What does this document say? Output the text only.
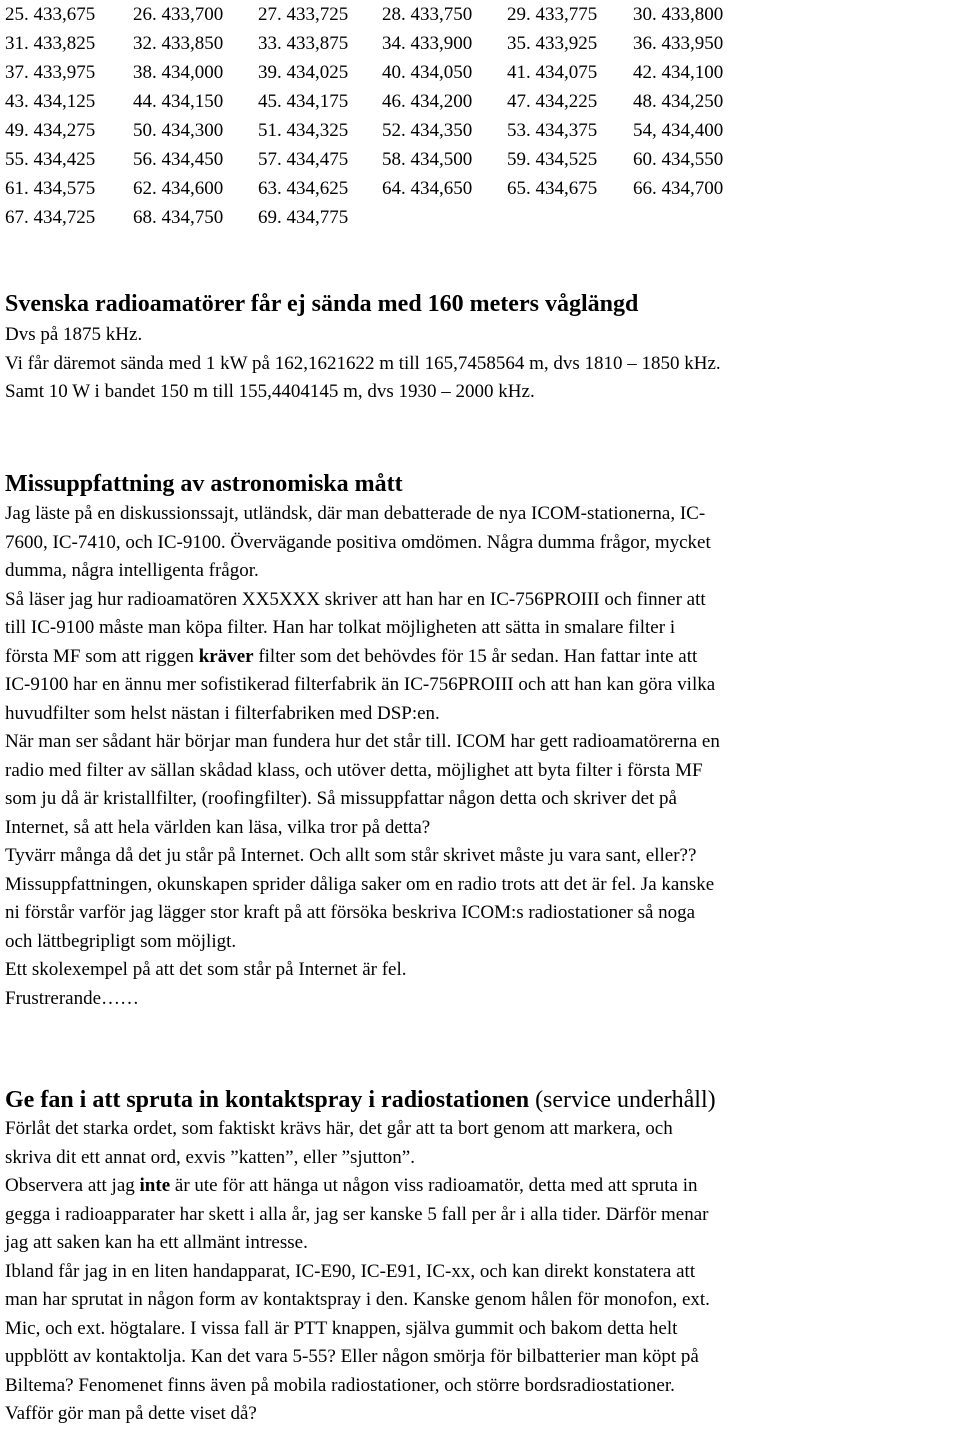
25. 433,675	26. 433,700	27. 433,725	28. 433,750	29. 433,775	30. 433,800
31. 433,825	32. 433,850	33. 433,875	34. 433,900	35. 433,925	36. 433,950
37. 433,975	38. 434,000	39. 434,025	40. 434,050	41. 434,075	42. 434,100
43. 434,125	44. 434,150	45. 434,175	46. 434,200	47. 434,225	48. 434,250
49. 434,275	50. 434,300	51. 434,325	52. 434,350	53. 434,375	54, 434,400
55. 434,425	56. 434,450	57. 434,475	58. 434,500	59. 434,525	60. 434,550
61. 434,575	62. 434,600	63. 434,625	64. 434,650	65. 434,675	66. 434,700
67. 434,725	68. 434,750	69. 434,775
Svenska radioamatörer får ej sända med 160 meters våglängd
Dvs på 1875 kHz.
Vi får däremot sända med 1 kW på 162,1621622 m till 165,7458564 m, dvs 1810 – 1850 kHz.
Samt 10 W i bandet 150 m till 155,4404145 m, dvs 1930 – 2000 kHz.
Missuppfattning av astronomiska mått
Jag läste på en diskussionssajt, utländsk, där man debatterade de nya ICOM-stationerna, IC-
7600, IC-7410, och IC-9100. Övervägande positiva omdömen. Några dumma frågor, mycket
dumma, några intelligenta frågor.
Så läser jag hur radioamatören XX5XXX skriver att han har en IC-756PROIII och finner att
till IC-9100 måste man köpa filter. Han har tolkat möjligheten att sätta in smalare filter i
första MF som att riggen kräver filter som det behövdes för 15 år sedan. Han fattar inte att
IC-9100 har en ännu mer sofistikerad filterfabrik än IC-756PROIII och att han kan göra vilka
huvudfilter som helst nästan i filterfabriken med DSP:en.
När man ser sådant här börjar man fundera hur det står till. ICOM har gett radioamatörerna en
radio med filter av sällan skådad klass, och utöver detta, möjlighet att byta filter i första MF
som ju då är kristallfilter, (roofingfilter). Så missuppfattar någon detta och skriver det på
Internet, så att hela världen kan läsa, vilka tror på detta?
Tyvärr många då det ju står på Internet. Och allt som står skrivet måste ju vara sant, eller??
Missuppfattningen, okunskapen sprider dåliga saker om en radio trots att det är fel. Ja kanske
ni förstår varför jag lägger stor kraft på att försöka beskriva ICOM:s radiostationer så noga
och lättbegripligt som möjligt.
Ett skolexempel på att det som står på Internet är fel.
Frustrerande……
Ge fan i att spruta in kontaktspray i radiostationen (service underhåll)
Förlåt det starka ordet, som faktiskt krävs här, det går att ta bort genom att markera, och
skriva dit ett annat ord, exvis ”katten”, eller ”sjutton”.
Observera att jag inte är ute för att hänga ut någon viss radioamatör, detta med att spruta in
gegga i radioapparater har skett i alla år, jag ser kanske 5 fall per år i alla tider. Därför menar
jag att saken kan ha ett allmänt intresse.
Ibland får jag in en liten handapparat, IC-E90, IC-E91, IC-xx, och kan direkt konstatera att
man har sprutat in någon form av kontaktspray i den. Kanske genom hålen för monofon, ext.
Mic, och ext. högtalare. I vissa fall är PTT knappen, själva gummit och bakom detta helt
uppblött av kontaktolja. Kan det vara 5-55? Eller någon smörja för bilbatterier man köpt på
Biltema? Fenomenet finns även på mobila radiostationer, och större bordsradiostationer.
Vafför gör man på dette viset då?
